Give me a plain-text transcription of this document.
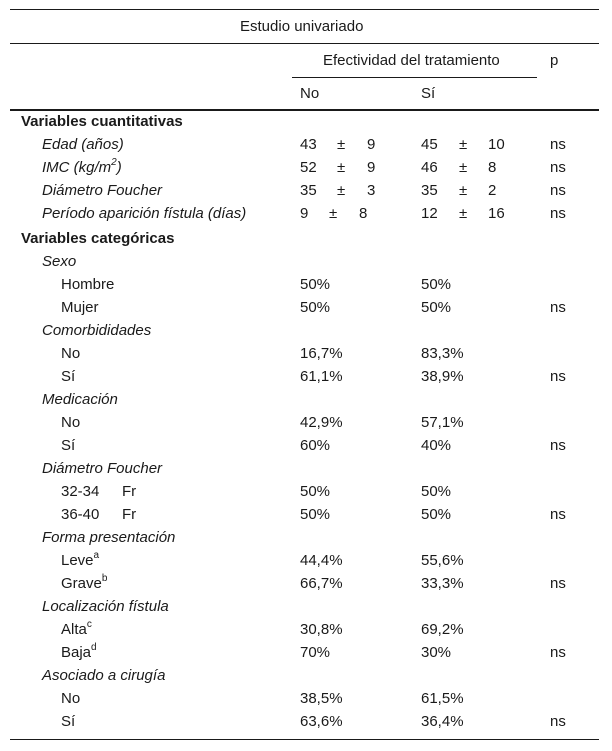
Estudio univariado
Efectividad del tratamiento	p
No	Sí
Variables cuantitativas
Edad (años)	43 ± 9	45 ± 10	ns
IMC $(kg/m^2)$	52 ± 9	46 ± 8	ns
Diámetro Foucher	35 ± 3	35 ± 2	ns
Período aparición fístula (días)	9 ± 8	12 ± 16	ns
Variables categóricas
Sexo
Hombre	50%	50%
Mujer	50%	50%	ns
Comorbididades
No	16,7%	83,3%
Sí	61,1%	38,9%	ns
Medicación
No	42,9%	57,1%
Sí	60%	40%	ns
Diámetro Foucher
32-34 Fr	50%	50%
36-40 Fr	50%	50%	ns
Forma presentación
Leve$^a$	44,4%	55,6%
Grave$^b$	66,7%	33,3%	ns
Localización fístula
Alta$^c$	30,8%	69,2%
Baja$^d$	70%	30%	ns
Asociado a cirugía
No	38,5%	61,5%
Sí	63,6%	36,4%	ns
